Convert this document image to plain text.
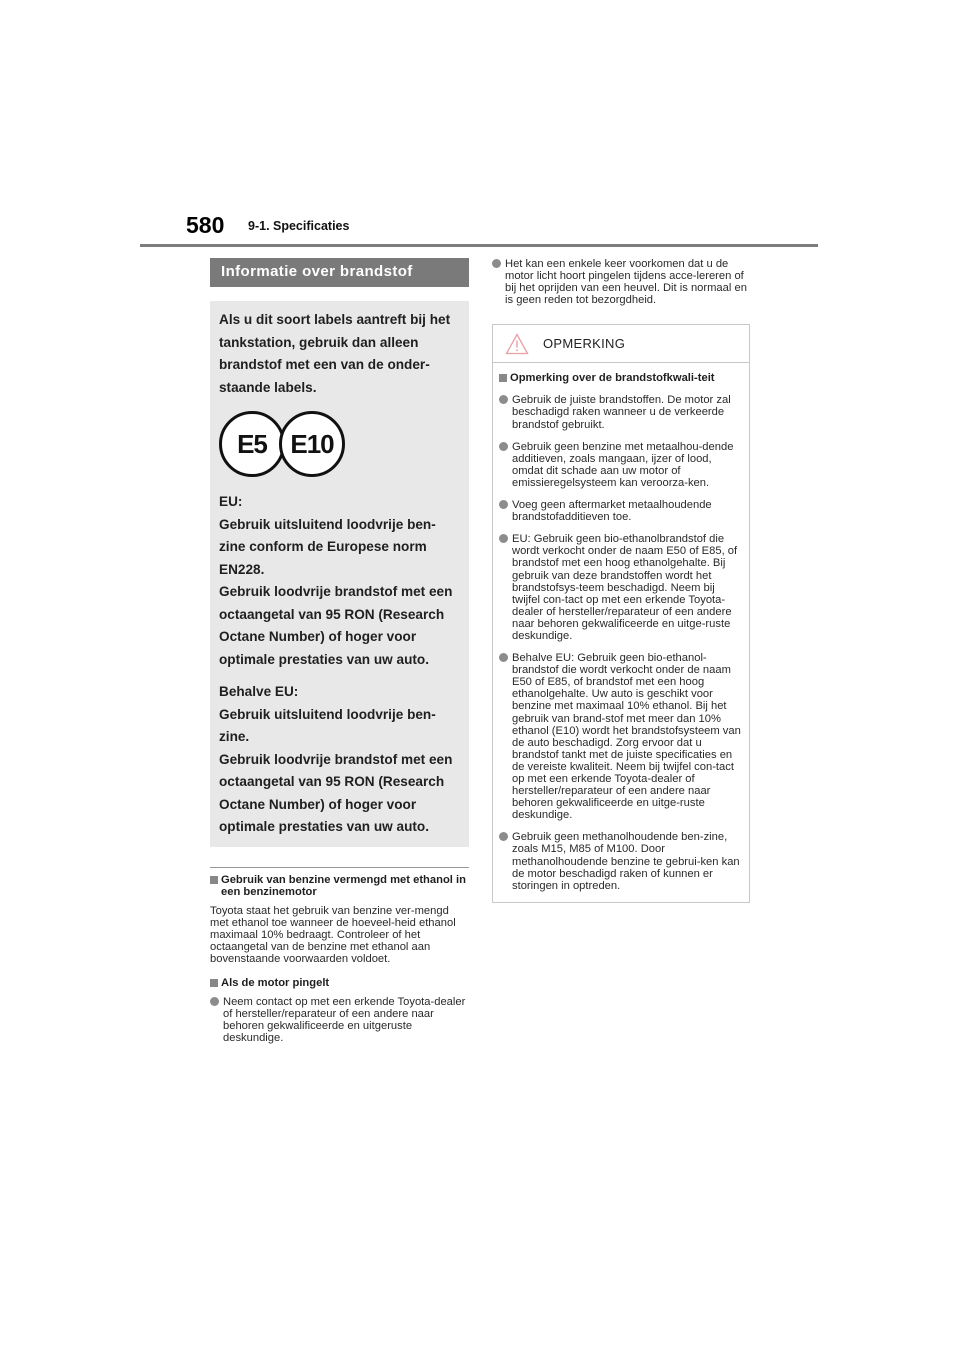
580 9-1. Specificaties
Informatie over brandstof
Als u dit soort labels aantreft bij het tankstation, gebruik dan alleen brandstof met een van de onder-staande labels.
E5 E10
EU:
Gebruik uitsluitend loodvrije ben-zine conform de Europese norm EN228.
Gebruik loodvrije brandstof met een octaangetal van 95 RON (Research Octane Number) of hoger voor optimale prestaties van uw auto.
Behalve EU:
Gebruik uitsluitend loodvrije ben-zine.
Gebruik loodvrije brandstof met een octaangetal van 95 RON (Research Octane Number) of hoger voor optimale prestaties van uw auto.
Gebruik van benzine vermengd met ethanol in een benzinemotor
Toyota staat het gebruik van benzine ver-mengd met ethanol toe wanneer de hoeveel-heid ethanol maximaal 10% bedraagt. Controleer of het octaangetal van de benzine met ethanol aan bovenstaande voorwaarden voldoet.
Als de motor pingelt
Neem contact op met een erkende Toyota-dealer of hersteller/reparateur of een andere naar behoren gekwalificeerde en uitgeruste deskundige.
Het kan een enkele keer voorkomen dat u de motor licht hoort pingelen tijdens acce-lereren of bij het oprijden van een heuvel. Dit is normaal en is geen reden tot bezorgdheid.
OPMERKING
Opmerking over de brandstofkwali-teit
Gebruik de juiste brandstoffen. De motor zal beschadigd raken wanneer u de verkeerde brandstof gebruikt.
Gebruik geen benzine met metaalhou-dende additieven, zoals mangaan, ijzer of lood, omdat dit schade aan uw motor of emissieregelsysteem kan veroorza-ken.
Voeg geen aftermarket metaalhoudende brandstofadditieven toe.
EU: Gebruik geen bio-ethanolbrandstof die wordt verkocht onder de naam E50 of E85, of brandstof met een hoog ethanolgehalte. Bij gebruik van deze brandstoffen wordt het brandstofsys-teem beschadigd. Neem bij twijfel con-tact op met een erkende Toyota-dealer of hersteller/reparateur of een andere naar behoren gekwalificeerde en uitge-ruste deskundige.
Behalve EU: Gebruik geen bio-ethanol-brandstof die wordt verkocht onder de naam E50 of E85, of brandstof met een hoog ethanolgehalte. Uw auto is geschikt voor benzine met maximaal 10% ethanol. Bij het gebruik van brand-stof met meer dan 10% ethanol (E10) wordt het brandstofsysteem van de auto beschadigd. Zorg ervoor dat u brandstof tankt met de juiste specificaties en de vereiste kwaliteit. Neem bij twijfel con-tact op met een erkende Toyota-dealer of hersteller/reparateur of een andere naar behoren gekwalificeerde en uitge-ruste deskundige.
Gebruik geen methanolhoudende ben-zine, zoals M15, M85 of M100. Door methanolhoudende benzine te gebrui-ken kan de motor beschadigd raken of kunnen er storingen in optreden.
